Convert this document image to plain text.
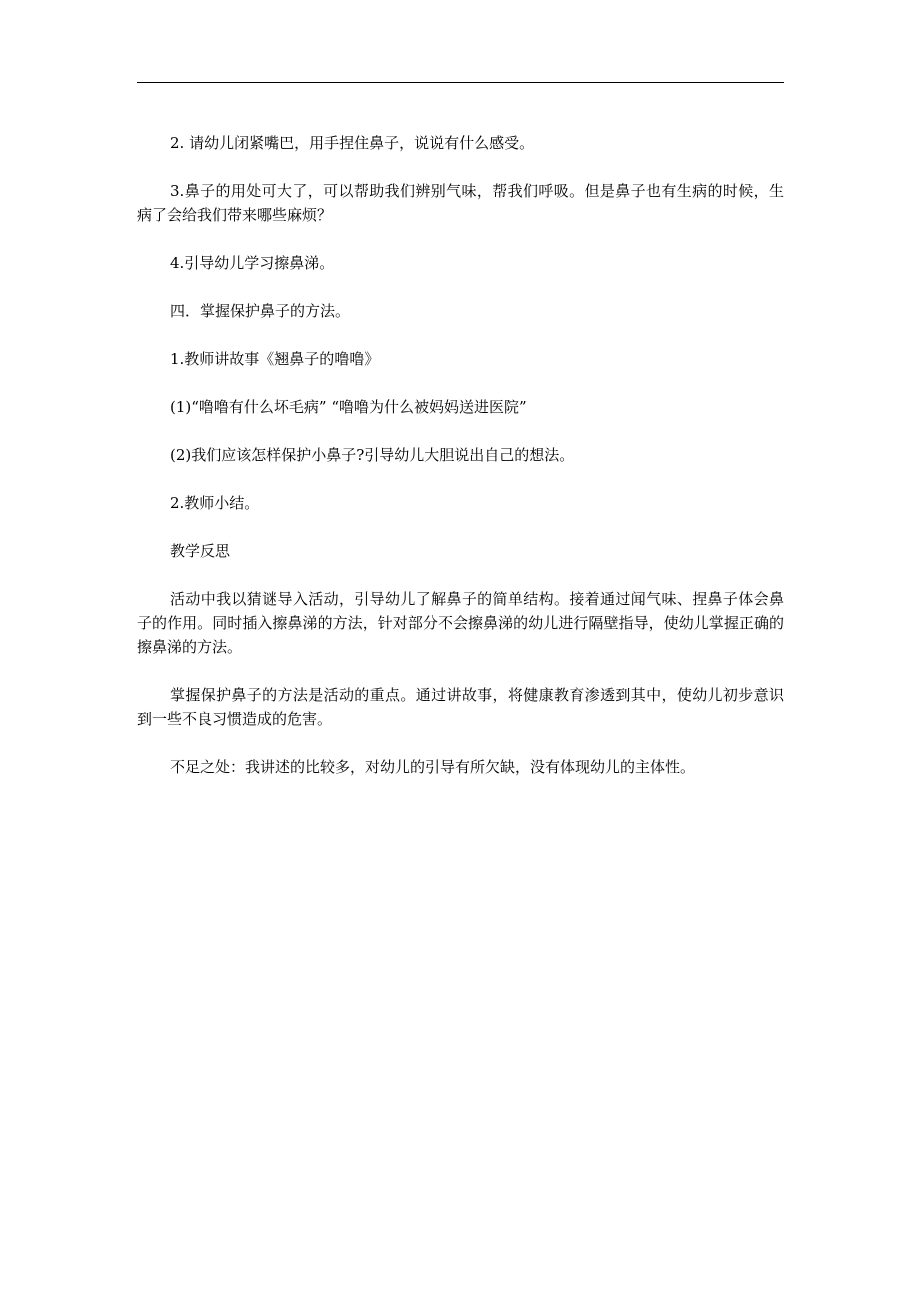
2. 请幼儿闭紧嘴巴，用手捏住鼻子，说说有什么感受。

3.鼻子的用处可大了，可以帮助我们辨别气味，帮我们呼吸。但是鼻子也有生病的时候，生病了会给我们带来哪些麻烦？

4.引导幼儿学习擦鼻涕。

四．掌握保护鼻子的方法。

1.教师讲故事《翘鼻子的噜噜》

(1)“噜噜有什么坏毛病” “噜噜为什么被妈妈送进医院”

(2)我们应该怎样保护小鼻子?引导幼儿大胆说出自己的想法。

2.教师小结。

教学反思

活动中我以猜谜导入活动，引导幼儿了解鼻子的简单结构。接着通过闻气味、捏鼻子体会鼻子的作用。同时插入擦鼻涕的方法，针对部分不会擦鼻涕的幼儿进行隔壁指导，使幼儿掌握正确的擦鼻涕的方法。

掌握保护鼻子的方法是活动的重点。通过讲故事，将健康教育渗透到其中，使幼儿初步意识到一些不良习惯造成的危害。

不足之处：我讲述的比较多，对幼儿的引导有所欠缺，没有体现幼儿的主体性。
